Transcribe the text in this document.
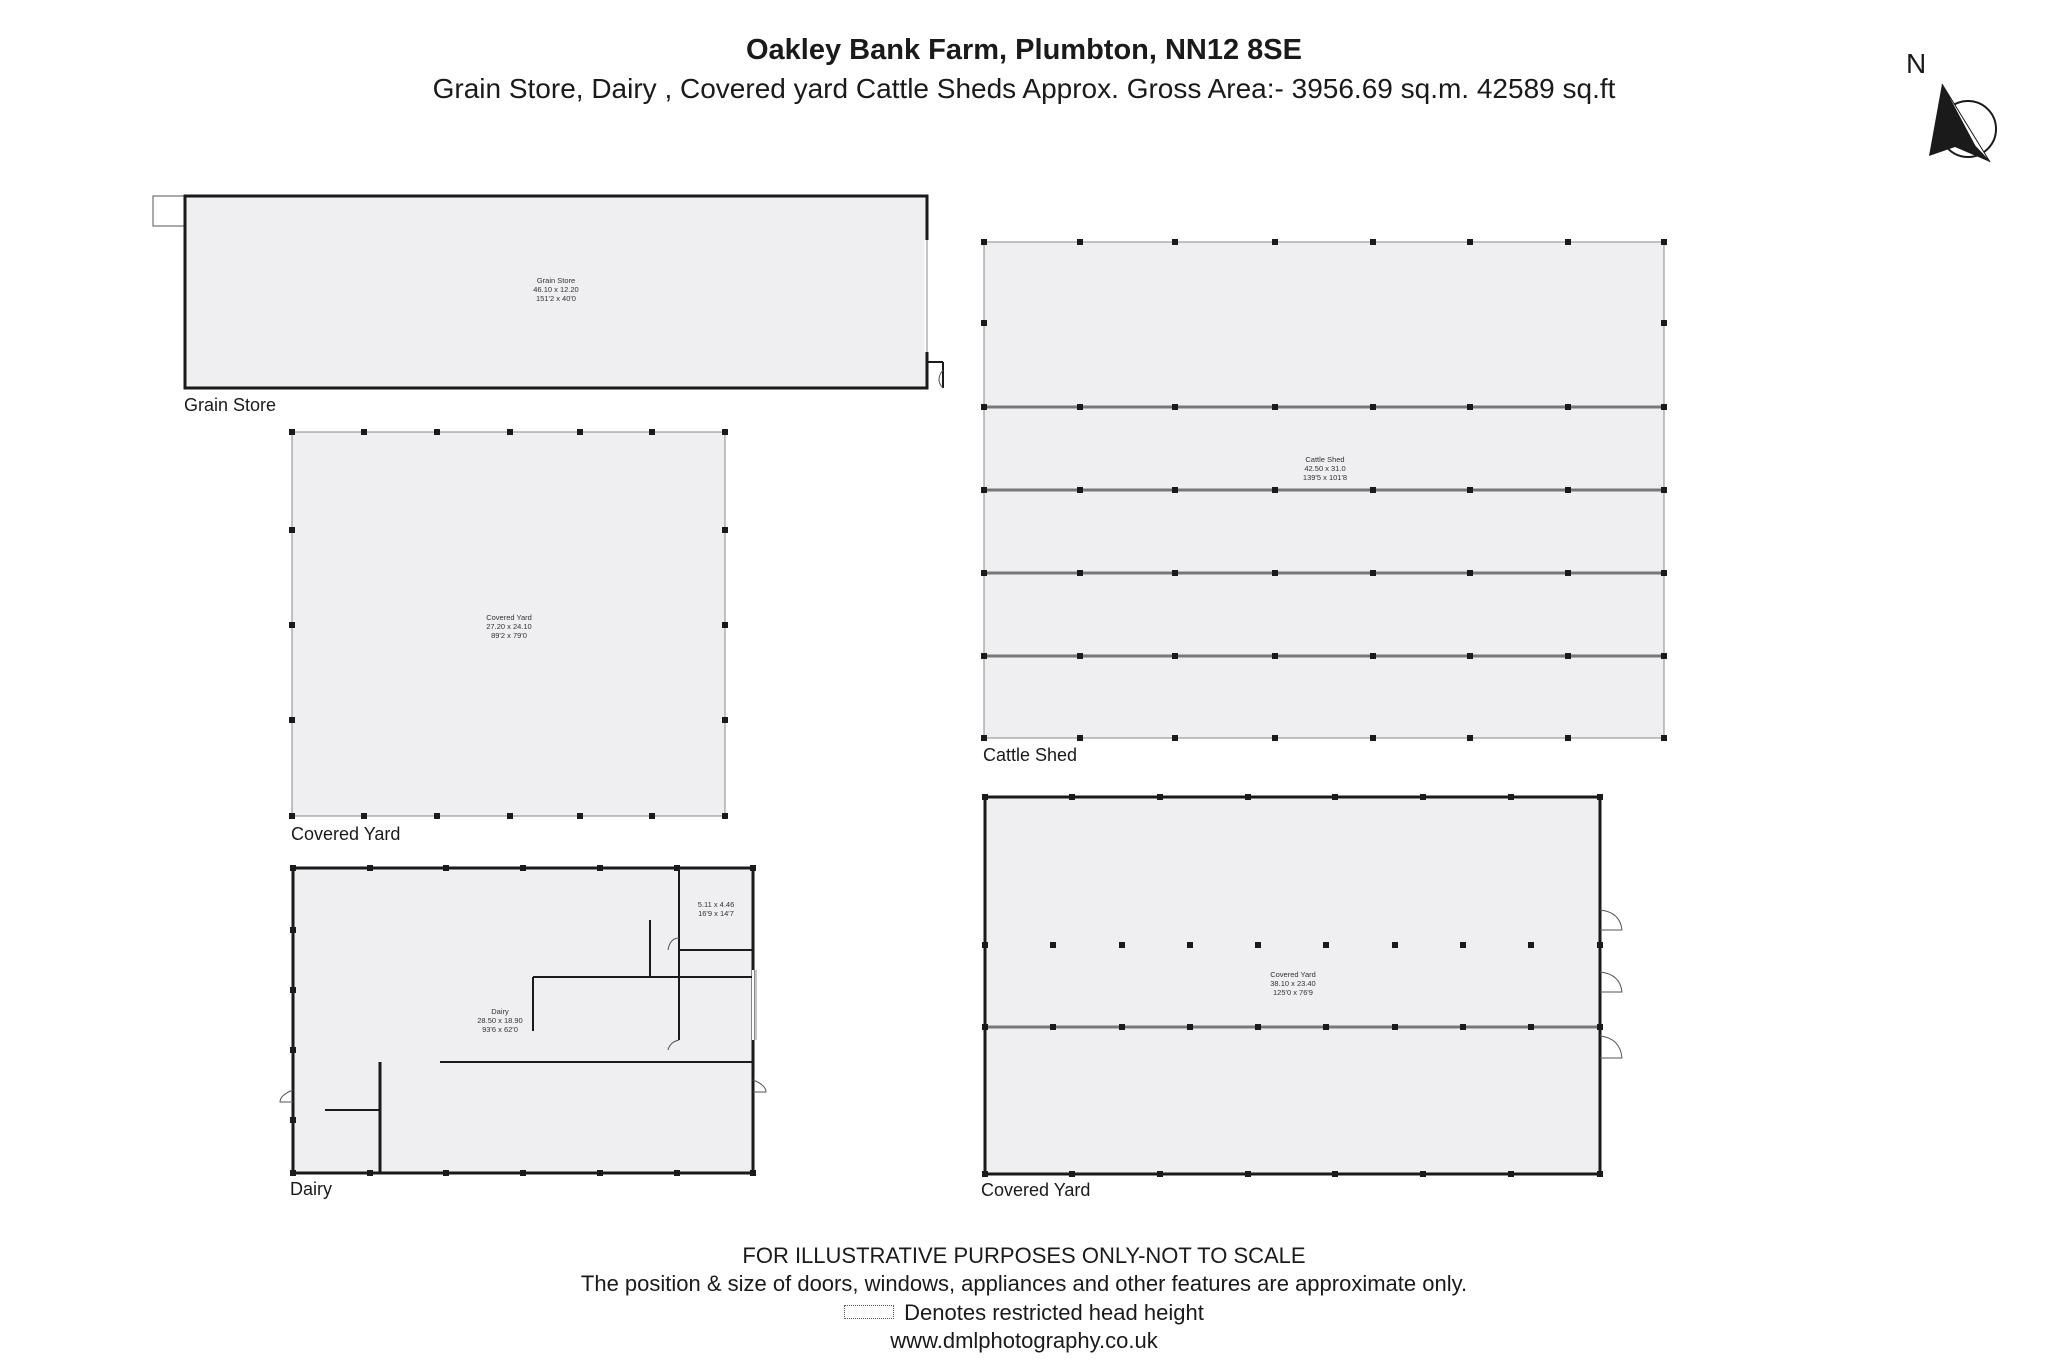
Oakley Bank Farm, Plumbton, NN12 8SE
Grain Store, Dairy , Covered yard Cattle Sheds Approx. Gross Area:- 3956.69 sq.m. 42589 sq.ft
N
Grain Store
46.10 x 12.20
151'2 x 40'0
Cattle Shed
42.50 x 31.0
139'5 x 101'8
Covered Yard
27.20 x 24.10
89'2 x 79'0
Dairy
28.50 x 18.90
93'6 x 62'0
5.11 x 4.46
16'9 x 14'7
Covered Yard
38.10 x 23.40
125'0 x 76'9
Grain Store
Cattle Shed
Covered Yard
Dairy	Covered Yard
FOR ILLUSTRATIVE PURPOSES ONLY-NOT TO SCALE
The position & size of doors, windows, appliances and other features are approximate only.
Denotes restricted head height
www.dmlphotography.co.uk
